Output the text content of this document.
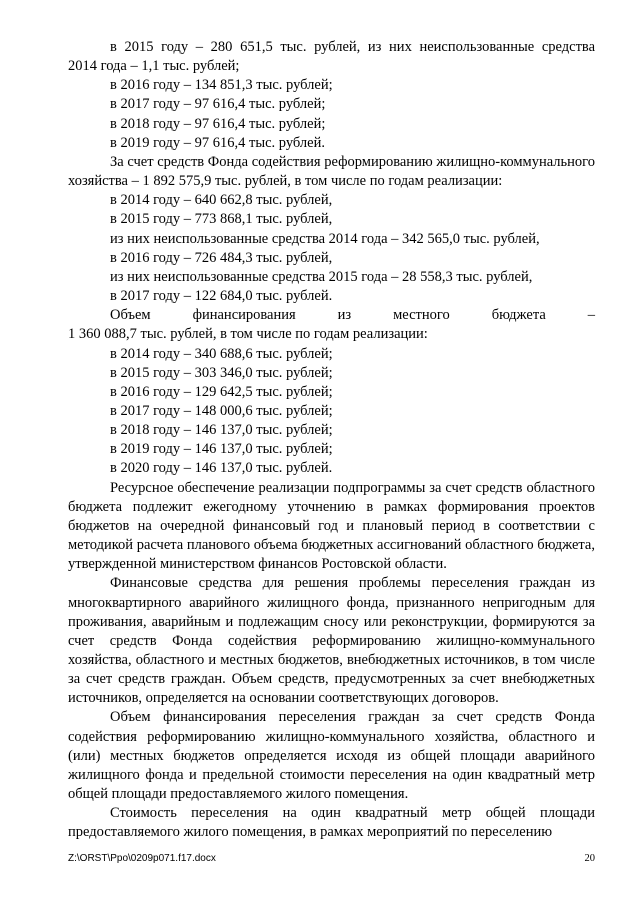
в 2015 году – 280 651,5 тыс. рублей, из них неиспользованные средства

2014 года – 1,1 тыс. рублей;

в 2016 году – 134 851,3 тыс. рублей;

в 2017 году – 97 616,4 тыс. рублей;

в 2018 году – 97 616,4 тыс. рублей;

в 2019 году – 97 616,4 тыс. рублей.

За счет средств Фонда содействия реформированию жилищно-коммунального хозяйства – 1 892 575,9 тыс. рублей, в том числе по годам реализации:

в 2014 году – 640 662,8 тыс. рублей,

в 2015 году – 773 868,1 тыс. рублей,

из них неиспользованные средства 2014 года – 342 565,0 тыс. рублей,

в 2016 году – 726 484,3 тыс. рублей,

из них неиспользованные средства 2015 года – 28 558,3 тыс. рублей,

в 2017 году – 122 684,0 тыс. рублей.

Объем финансирования из местного бюджета –

1 360 088,7 тыс. рублей, в том числе по годам реализации:

в 2014 году – 340 688,6 тыс. рублей;

в 2015 году – 303 346,0 тыс. рублей;

в 2016 году – 129 642,5 тыс. рублей;

в 2017 году – 148 000,6 тыс. рублей;

в 2018 году – 146 137,0 тыс. рублей;

в 2019 году – 146 137,0 тыс. рублей;

в 2020 году – 146 137,0 тыс. рублей.

Ресурсное обеспечение реализации подпрограммы за счет средств областного бюджета подлежит ежегодному уточнению в рамках формирования проектов бюджетов на очередной финансовый год и плановый период в соответствии с методикой расчета планового объема бюджетных ассигнований областного бюджета, утвержденной министерством финансов Ростовской области.

Финансовые средства для решения проблемы переселения граждан из многоквартирного аварийного жилищного фонда, признанного непригодным для проживания, аварийным и подлежащим сносу или реконструкции, формируются за счет средств Фонда содействия реформированию жилищно-коммунального хозяйства, областного и местных бюджетов, внебюджетных источников, в том числе за счет средств граждан. Объем средств, предусмотренных за счет внебюджетных источников, определяется на основании соответствующих договоров.

Объем финансирования переселения граждан за счет средств Фонда содействия реформированию жилищно-коммунального хозяйства, областного и (или) местных бюджетов определяется исходя из общей площади аварийного жилищного фонда и предельной стоимости переселения на один квадратный метр общей площади предоставляемого жилого помещения.

Стоимость переселения на один квадратный метр общей площади предоставляемого жилого помещения, в рамках мероприятий по переселению

Z:\ORST\Ppo\0209p071.f17.docx	20
